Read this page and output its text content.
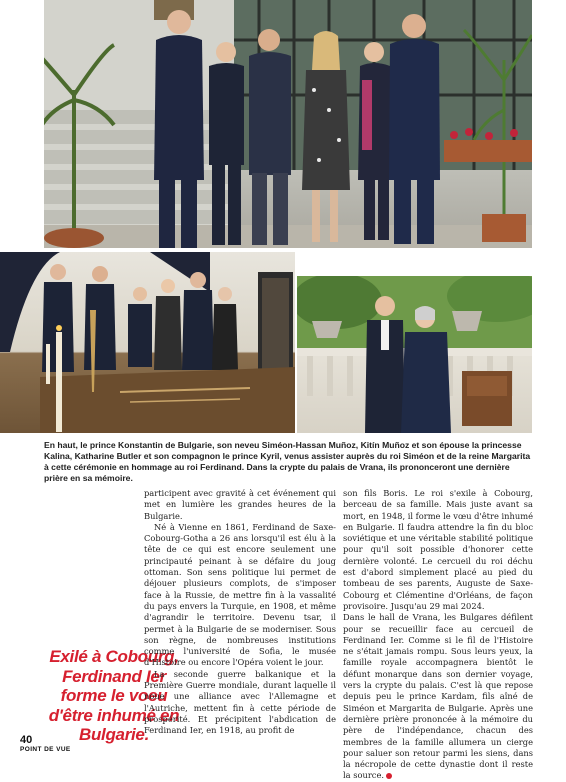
En haut, le prince Konstantin de Bulgarie, son neveu Siméon-Hassan Muñoz, Kitín Muñoz et son épouse la princesse Kalina, Katharine Butler et son compagnon le prince Kyril, venus assister auprès du roi Siméon et de la reine Margarita à cette cérémonie en hommage au roi Ferdinand. Dans la crypte du palais de Vrana, ils prononceront une dernière prière en sa mémoire.

Exilé à Cobourg, Ferdinand Ier forme le voeu d'être inhumé en Bulgarie.

participent avec gravité à cet événement qui met en lumière les grandes heures de la Bulgarie.

Né à Vienne en 1861, Ferdinand de Saxe-Cobourg-Gotha a 26 ans lorsqu'il est élu à la tête de ce qui est encore seulement une principauté peinant à se défaire du joug ottoman. Son sens politique lui permet de déjouer plusieurs complots, de s'imposer face à la Russie, de mettre fin à la vassalité du pays envers la Turquie, en 1908, et même d'agrandir le territoire. Devenu tsar, il permet à la Bulgarie de se moderniser. Sous son règne, de nombreuses institutions comme l'université de Sofia, le musée d'Histoire ou encore l'Opéra voient le jour.

La seconde guerre balkanique et la Première Guerre mondiale, durant laquelle il noue une alliance avec l'Allemagne et l'Autriche, mettent fin à cette période de prospérité. Et précipitent l'abdication de Ferdinand Ier, en 1918, au profit de

son fils Boris. Le roi s'exile à Cobourg, berceau de sa famille. Mais juste avant sa mort, en 1948, il forme le vœu d'être inhumé en Bulgarie. Il faudra attendre la fin du bloc soviétique et une véritable stabilité politique pour qu'il soit possible d'honorer cette dernière volonté. Le cercueil du roi déchu est d'abord simplement placé au pied du tombeau de ses parents, Auguste de Saxe-Cobourg et Clémentine d'Orléans, de façon provisoire. Jusqu'au 29 mai 2024.

Dans le hall de Vrana, les Bulgares défilent pour se recueillir face au cercueil de Ferdinand Ier. Comme si le fil de l'Histoire ne s'était jamais rompu. Sous leurs yeux, la famille royale accompagnera bientôt le défunt monarque dans son dernier voyage, vers la crypte du palais. C'est là que repose depuis peu le prince Kardam, fils aîné de Siméon et Margarita de Bulgarie. Après une dernière prière prononcée à la mémoire du père de l'indépendance, chacun des membres de la famille allumera un cierge pour saluer son retour parmi les siens, dans la nécropole de cette dynastie dont il reste la source.

40
POINT DE VUE
